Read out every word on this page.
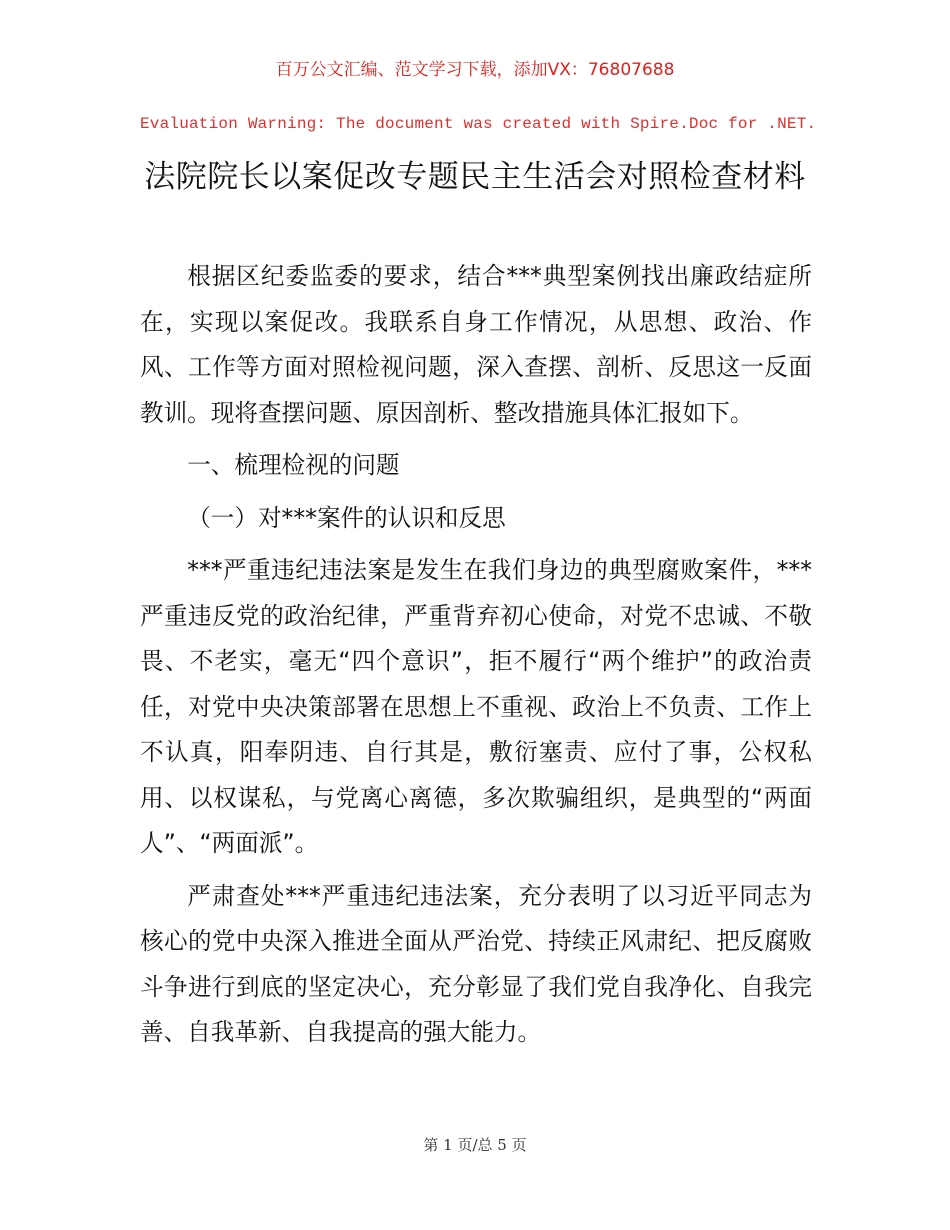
百万公文汇编、范文学习下载，添加VX：76807688
Evaluation Warning: The document was created with Spire.Doc for .NET.
法院院长以案促改专题民主生活会对照检查材料

根据区纪委监委的要求，结合***典型案例找出廉政结症所在，实现以案促改。我联系自身工作情况，从思想、政治、作风、工作等方面对照检视问题，深入查摆、剖析、反思这一反面教训。现将查摆问题、原因剖析、整改措施具体汇报如下。

一、梳理检视的问题

（一）对***案件的认识和反思

***严重违纪违法案是发生在我们身边的典型腐败案件，***严重违反党的政治纪律，严重背弃初心使命，对党不忠诚、不敬畏、不老实，毫无“四个意识”，拒不履行“两个维护”的政治责任，对党中央决策部署在思想上不重视、政治上不负责、工作上不认真，阳奉阴违、自行其是，敷衍塞责、应付了事，公权私用、以权谋私，与党离心离德，多次欺骗组织，是典型的“两面人”、“两面派”。

严肃查处***严重违纪违法案，充分表明了以习近平同志为核心的党中央深入推进全面从严治党、持续正风肃纪、把反腐败斗争进行到底的坚定决心，充分彰显了我们党自我净化、自我完善、自我革新、自我提高的强大能力。

第 1 页/总 5 页
